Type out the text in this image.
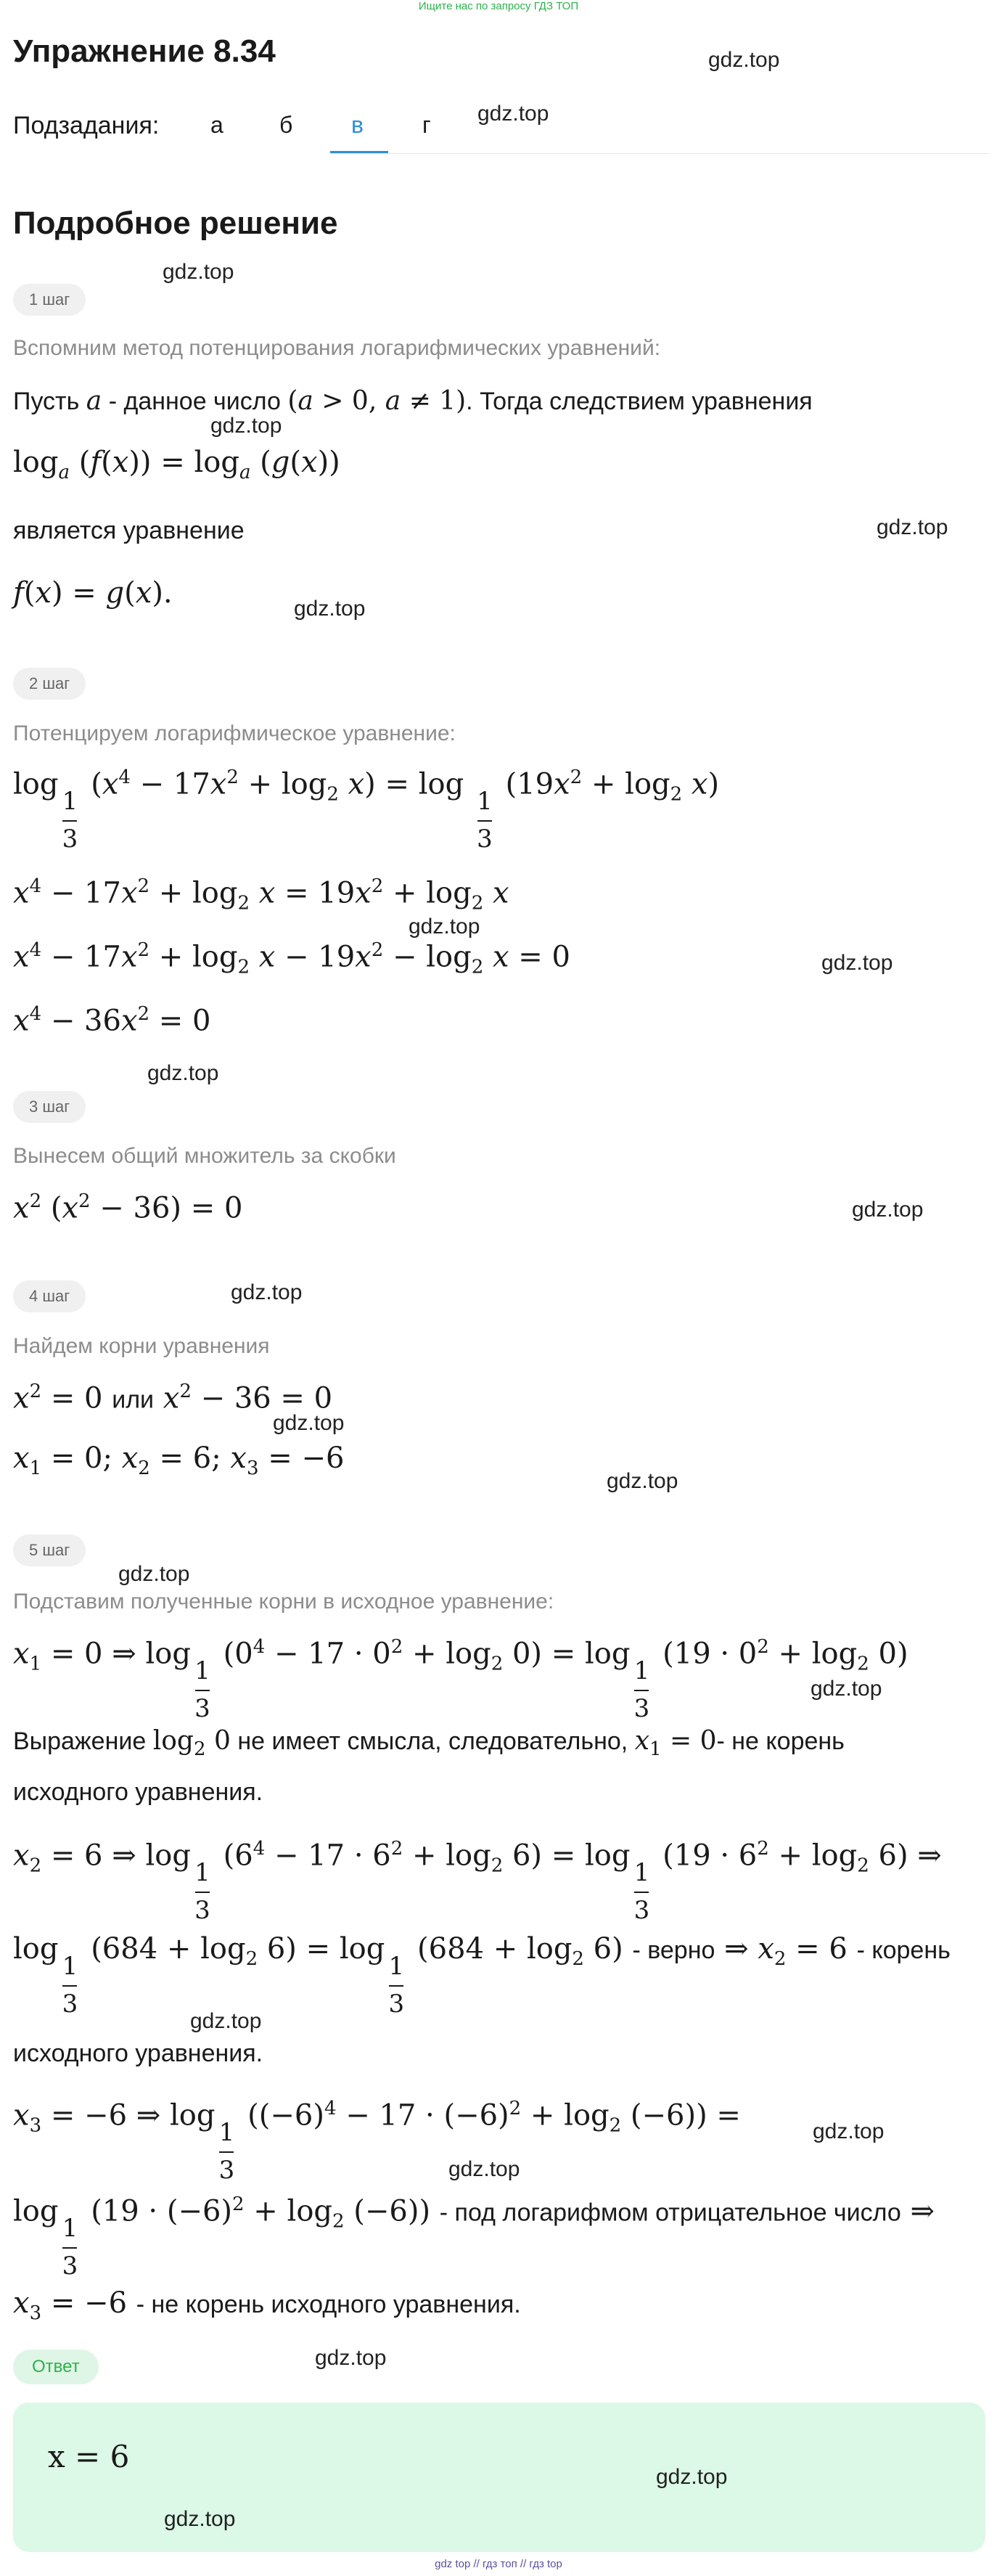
Ищите нас по запросу ГДЗ ТОП
Упражнение 8.34	gdz.top
Подзадания: а б	в	г gdz.top
Подробное решение
gdz.top
1 шаг
Вспомним метод потенцирования логарифмических уравнений:
Пусть a - данное число (a > 0, a ≠ 1). Тогда следствием уравнения
gdz.top
$\log_a (f(x)) = \log_a (g(x))$
является уравнение	gdz.top
f(x) = g(x).	gdz.top
2 шаг
Потенцируем логарифмическое уравнение:
$\log \frac{1}{3} (x^4 - 17x^2 + \log_2 x) = \log \frac{1}{3} (19x^2 + \log_2 x)$
$x^4 - 17x^2 + \log_2 x = 19x^2 + \log_2 x$
gdz.top
$x^4 - 17x^2 + \log_2 x - 19x^2 - \log_2 x = 0$	gdz.top
$x^4 - 36x^2 = 0$
gdz.top
3 шаг
Вынесем общий множитель за скобки
$x^2$ $(x^2 - 36) = 0$	gdz.top
4 шаг	gdz.top
Найдем корни уравнения
$x^2 = 0$ или $x^2 - 36 = 0$
gdz.top
$x_1 = 0$; $x_2 = 6$; $x_3 = -6$
gdz.top
5 шаг
gdz.top
Подставим полученные корни в исходное уравнение:
$x_1 = 0$ ⇒ $\log \frac{1}{3} (0^4 - 17 \cdot 0^2 + \log_2 0) = \log \frac{1}{3} (19 \cdot 0^2 + \log_2 0)$
gdz.top
Выражение $\log_2 0$ не имеет смысла, следовательно, $x_1 = 0-$ не корень
исходного уравнения.
$x_2 = 6$ ⇒ $\log \frac{1}{3} (6^4 - 17 \cdot 6^2 + \log_2 6) = \log \frac{1}{3} (19 \cdot 6^2 + \log_2 6)$ ⇒
$\log \frac{1}{3} (684 + \log_2 6) = \log \frac{1}{3} (684 + \log_2 6)$ - верно ⇒ $x_2 = 6$ - корень
gdz.top
исходного уравнения.
$x_3 = -6$ ⇒ $\log \frac{1}{3} ((-6)^4 - 17 \cdot (-6)^2 + \log_2 (-6))$ =	gdz.top
gdz.top
$\log \frac{1}{3} (19 \cdot (-6)^2 + \log_2 (-6))$ - под логарифмом отрицательное число ⇒
$x_3 = -6$ - не корень исходного уравнения.
gdz.top
Ответ
x = 6
gdz.top
gdz.top
gdz top // гдз топ // гдз top
